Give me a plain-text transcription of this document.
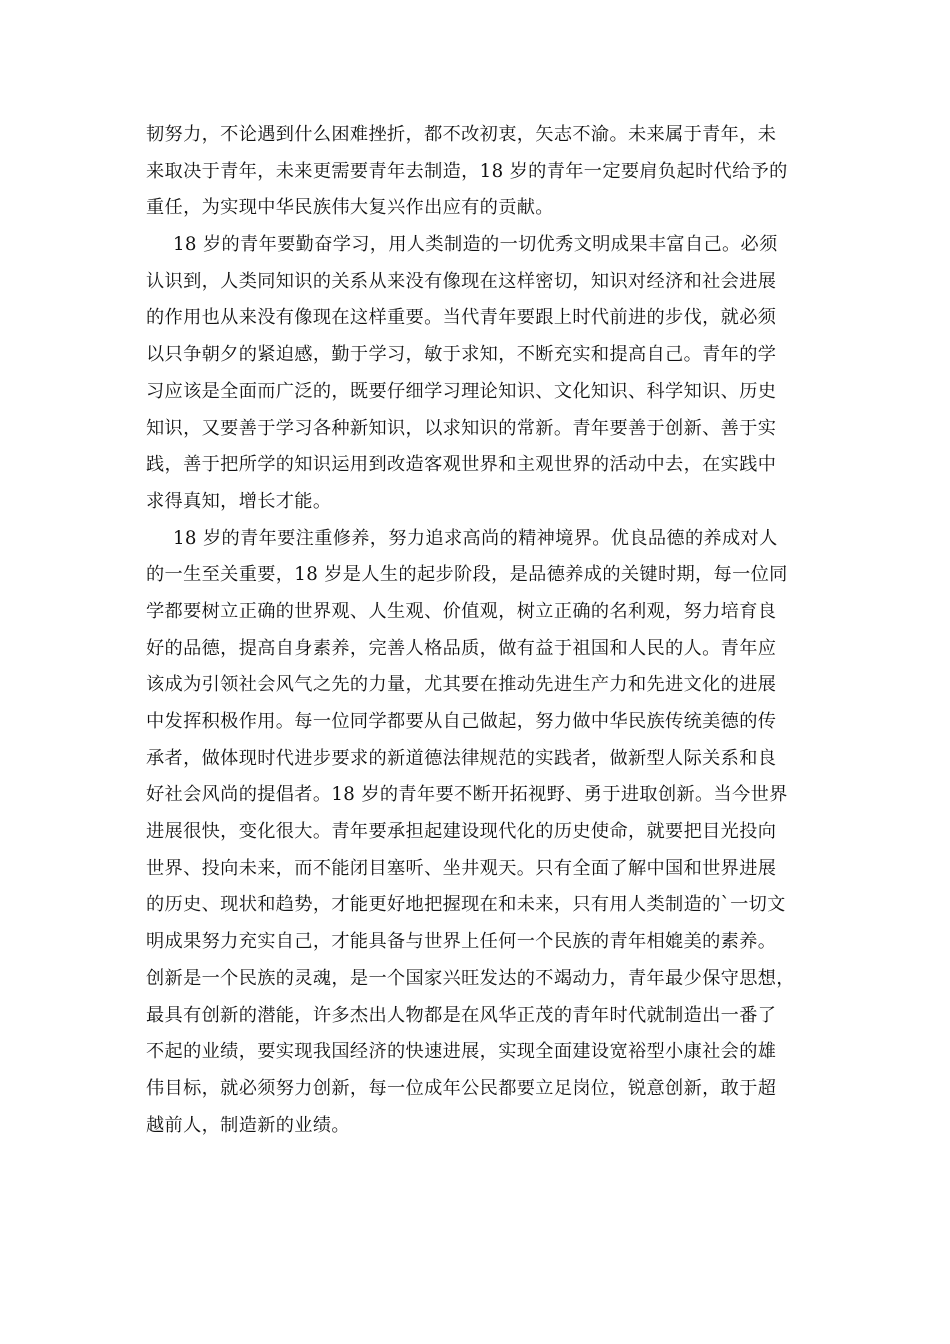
韧努力，不论遇到什么困难挫折，都不改初衷，矢志不渝。未来属于青年，未
来取决于青年，未来更需要青年去制造，18 岁的青年一定要肩负起时代给予的
重任，为实现中华民族伟大复兴作出应有的贡献。
18 岁的青年要勤奋学习，用人类制造的一切优秀文明成果丰富自己。必须
认识到，人类同知识的关系从来没有像现在这样密切，知识对经济和社会进展
的作用也从来没有像现在这样重要。当代青年要跟上时代前进的步伐，就必须
以只争朝夕的紧迫感，勤于学习，敏于求知，不断充实和提高自己。青年的学
习应该是全面而广泛的，既要仔细学习理论知识、文化知识、科学知识、历史
知识，又要善于学习各种新知识，以求知识的常新。青年要善于创新、善于实
践，善于把所学的知识运用到改造客观世界和主观世界的活动中去，在实践中
求得真知，增长才能。
18 岁的青年要注重修养，努力追求高尚的精神境界。优良品德的养成对人
的一生至关重要，18 岁是人生的起步阶段，是品德养成的关键时期，每一位同
学都要树立正确的世界观、人生观、价值观，树立正确的名利观，努力培育良
好的品德，提高自身素养，完善人格品质，做有益于祖国和人民的人。青年应
该成为引领社会风气之先的力量，尤其要在推动先进生产力和先进文化的进展
中发挥积极作用。每一位同学都要从自己做起，努力做中华民族传统美德的传
承者，做体现时代进步要求的新道德法律规范的实践者，做新型人际关系和良
好社会风尚的提倡者。18 岁的青年要不断开拓视野、勇于进取创新。当今世界
进展很快，变化很大。青年要承担起建设现代化的历史使命，就要把目光投向
世界、投向未来，而不能闭目塞听、坐井观天。只有全面了解中国和世界进展
的历史、现状和趋势，才能更好地把握现在和未来，只有用人类制造的`一切文
明成果努力充实自己，才能具备与世界上任何一个民族的青年相媲美的素养。
创新是一个民族的灵魂，是一个国家兴旺发达的不竭动力，青年最少保守思想，
最具有创新的潜能，许多杰出人物都是在风华正茂的青年时代就制造出一番了
不起的业绩，要实现我国经济的快速进展，实现全面建设宽裕型小康社会的雄
伟目标，就必须努力创新，每一位成年公民都要立足岗位，锐意创新，敢于超
越前人，制造新的业绩。
